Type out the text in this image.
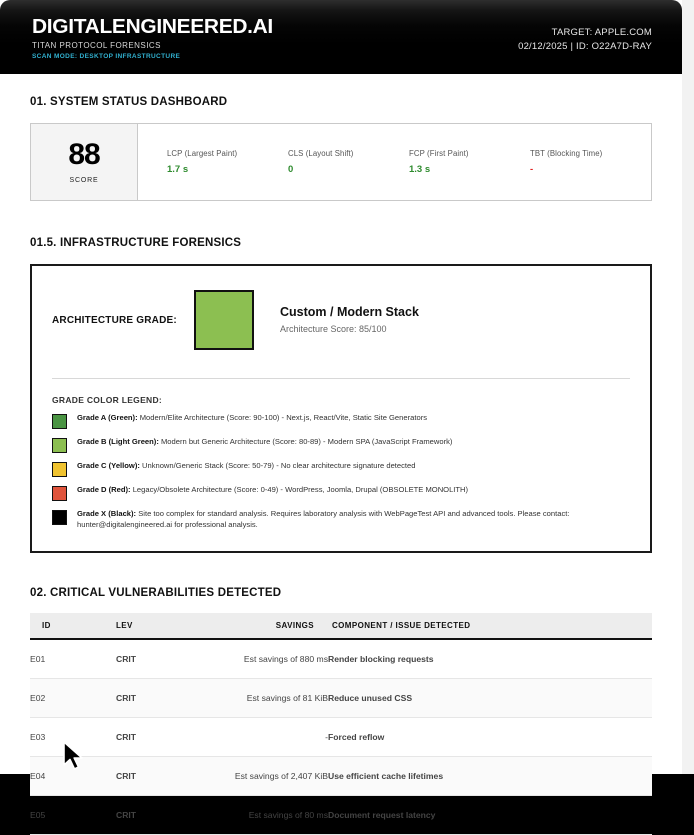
DIGITALENGINEERED.AI
TITAN PROTOCOL FORENSICS
SCAN MODE: DESKTOP INFRASTRUCTURE
TARGET: APPLE.COM
02/12/2025 | ID: O22A7D-RAY
01. SYSTEM STATUS DASHBOARD
88
SCORE
LCP (Largest Paint)
1.7 s
CLS (Layout Shift)
0
FCP (First Paint)
1.3 s
TBT (Blocking Time)
-
01.5. INFRASTRUCTURE FORENSICS
ARCHITECTURE GRADE:
Custom / Modern Stack
Architecture Score: 85/100
GRADE COLOR LEGEND:
Grade A (Green): Modern/Elite Architecture (Score: 90-100) - Next.js, React/Vite, Static Site Generators
Grade B (Light Green): Modern but Generic Architecture (Score: 80-89) - Modern SPA (JavaScript Framework)
Grade C (Yellow): Unknown/Generic Stack (Score: 50-79) - No clear architecture signature detected
Grade D (Red): Legacy/Obsolete Architecture (Score: 0-49) - WordPress, Joomla, Drupal (OBSOLETE MONOLITH)
Grade X (Black): Site too complex for standard analysis. Requires laboratory analysis with WebPageTest API and advanced tools. Please contact: hunter@digitalengineered.ai for professional analysis.
02. CRITICAL VULNERABILITIES DETECTED
ID	LEV	SAVINGS	COMPONENT / ISSUE DETECTED
E01	CRIT	Est savings of 880 ms	Render blocking requests
E02	CRIT	Est savings of 81 KiB	Reduce unused CSS
E03	CRIT	-	Forced reflow
E04	CRIT	Est savings of 2,407 KiB	Use efficient cache lifetimes
E05	CRIT	Est savings of 80 ms	Document request latency
